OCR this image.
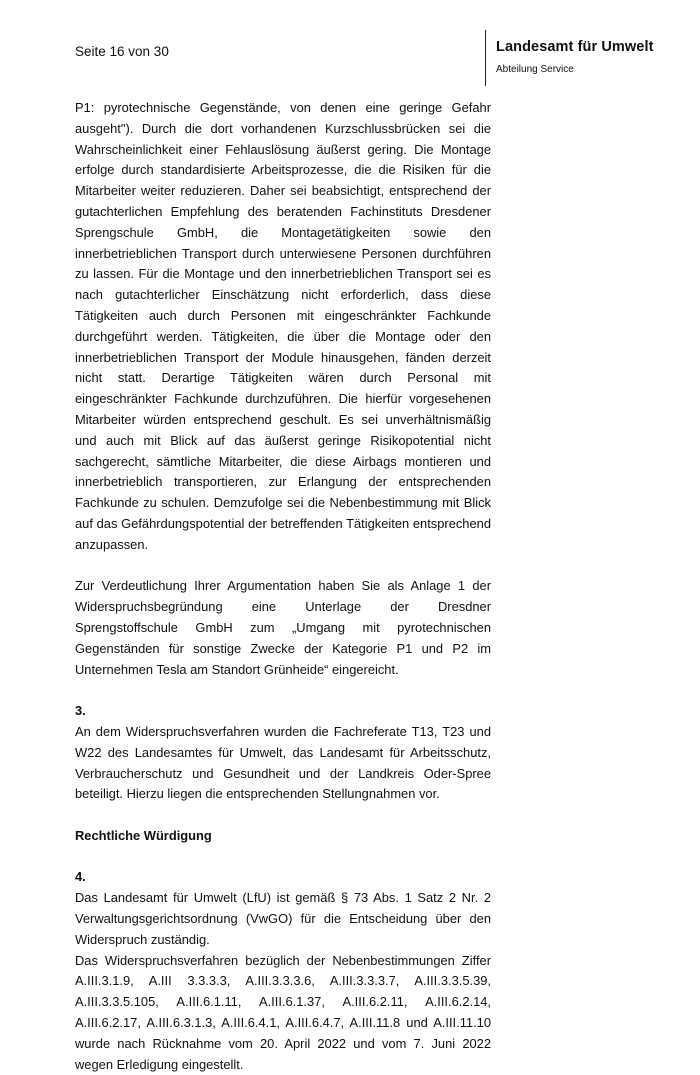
Seite 16 von 30	Landesamt für Umwelt
Abteilung Service

P1: pyrotechnische Gegenstände, von denen eine geringe Gefahr ausgeht"). Durch die dort vorhandenen Kurzschlussbrücken sei die Wahrscheinlichkeit einer Fehlauslösung äußerst gering. Die Montage erfolge durch standardisierte Arbeitsprozesse, die die Risiken für die Mitarbeiter weiter reduzieren. Daher sei beabsichtigt, entsprechend der gutachterlichen Empfehlung des beratenden Fachinstituts Dresdener Sprengschule GmbH, die Montagetätigkeiten sowie den innerbetrieblichen Transport durch unterwiesene Personen durchführen zu lassen. Für die Montage und den innerbetrieblichen Transport sei es nach gutachterlicher Einschätzung nicht erforderlich, dass diese Tätigkeiten auch durch Personen mit eingeschränkter Fachkunde durchgeführt werden. Tätigkeiten, die über die Montage oder den innerbetrieblichen Transport der Module hinausgehen, fänden derzeit nicht statt. Derartige Tätigkeiten wären durch Personal mit eingeschränkter Fachkunde durchzuführen. Die hierfür vorgesehenen Mitarbeiter würden entsprechend geschult. Es sei unverhältnismäßig und auch mit Blick auf das äußerst geringe Risikopotential nicht sachgerecht, sämtliche Mitarbeiter, die diese Airbags montieren und innerbetrieblich transportieren, zur Erlangung der entsprechenden Fachkunde zu schulen. Demzufolge sei die Nebenbestimmung mit Blick auf das Gefährdungspotential der betreffenden Tätigkeiten entsprechend anzupassen.

Zur Verdeutlichung Ihrer Argumentation haben Sie als Anlage 1 der Widerspruchsbegründung eine Unterlage der Dresdner Sprengstoffschule GmbH zum „Umgang mit pyrotechnischen Gegenständen für sonstige Zwecke der Kategorie P1 und P2 im Unternehmen Tesla am Standort Grünheide“ eingereicht.

3.

An dem Widerspruchsverfahren wurden die Fachreferate T13, T23 und W22 des Landesamtes für Umwelt, das Landesamt für Arbeitsschutz, Verbraucherschutz und Gesundheit und der Landkreis Oder-Spree beteiligt. Hierzu liegen die entsprechenden Stellungnahmen vor.

Rechtliche Würdigung

4.

Das Landesamt für Umwelt (LfU) ist gemäß § 73 Abs. 1 Satz 2 Nr. 2 Verwaltungsgerichtsordnung (VwGO) für die Entscheidung über den Widerspruch zuständig.

Das Widerspruchsverfahren bezüglich der Nebenbestimmungen Ziffer A.III.3.1.9, A.III 3.3.3.3, A.III.3.3.3.6, A.III.3.3.3.7, A.III.3.3.5.39, A.III.3.3.5.105, A.III.6.1.11, A.III.6.1.37, A.III.6.2.11, A.III.6.2.14, A.III.6.2.17, A.III.6.3.1.3, A.III.6.4.1, A.III.6.4.7, A.III.11.8 und A.III.11.10 wurde nach Rücknahme vom 20. April 2022 und vom 7. Juni 2022 wegen Erledigung eingestellt.
